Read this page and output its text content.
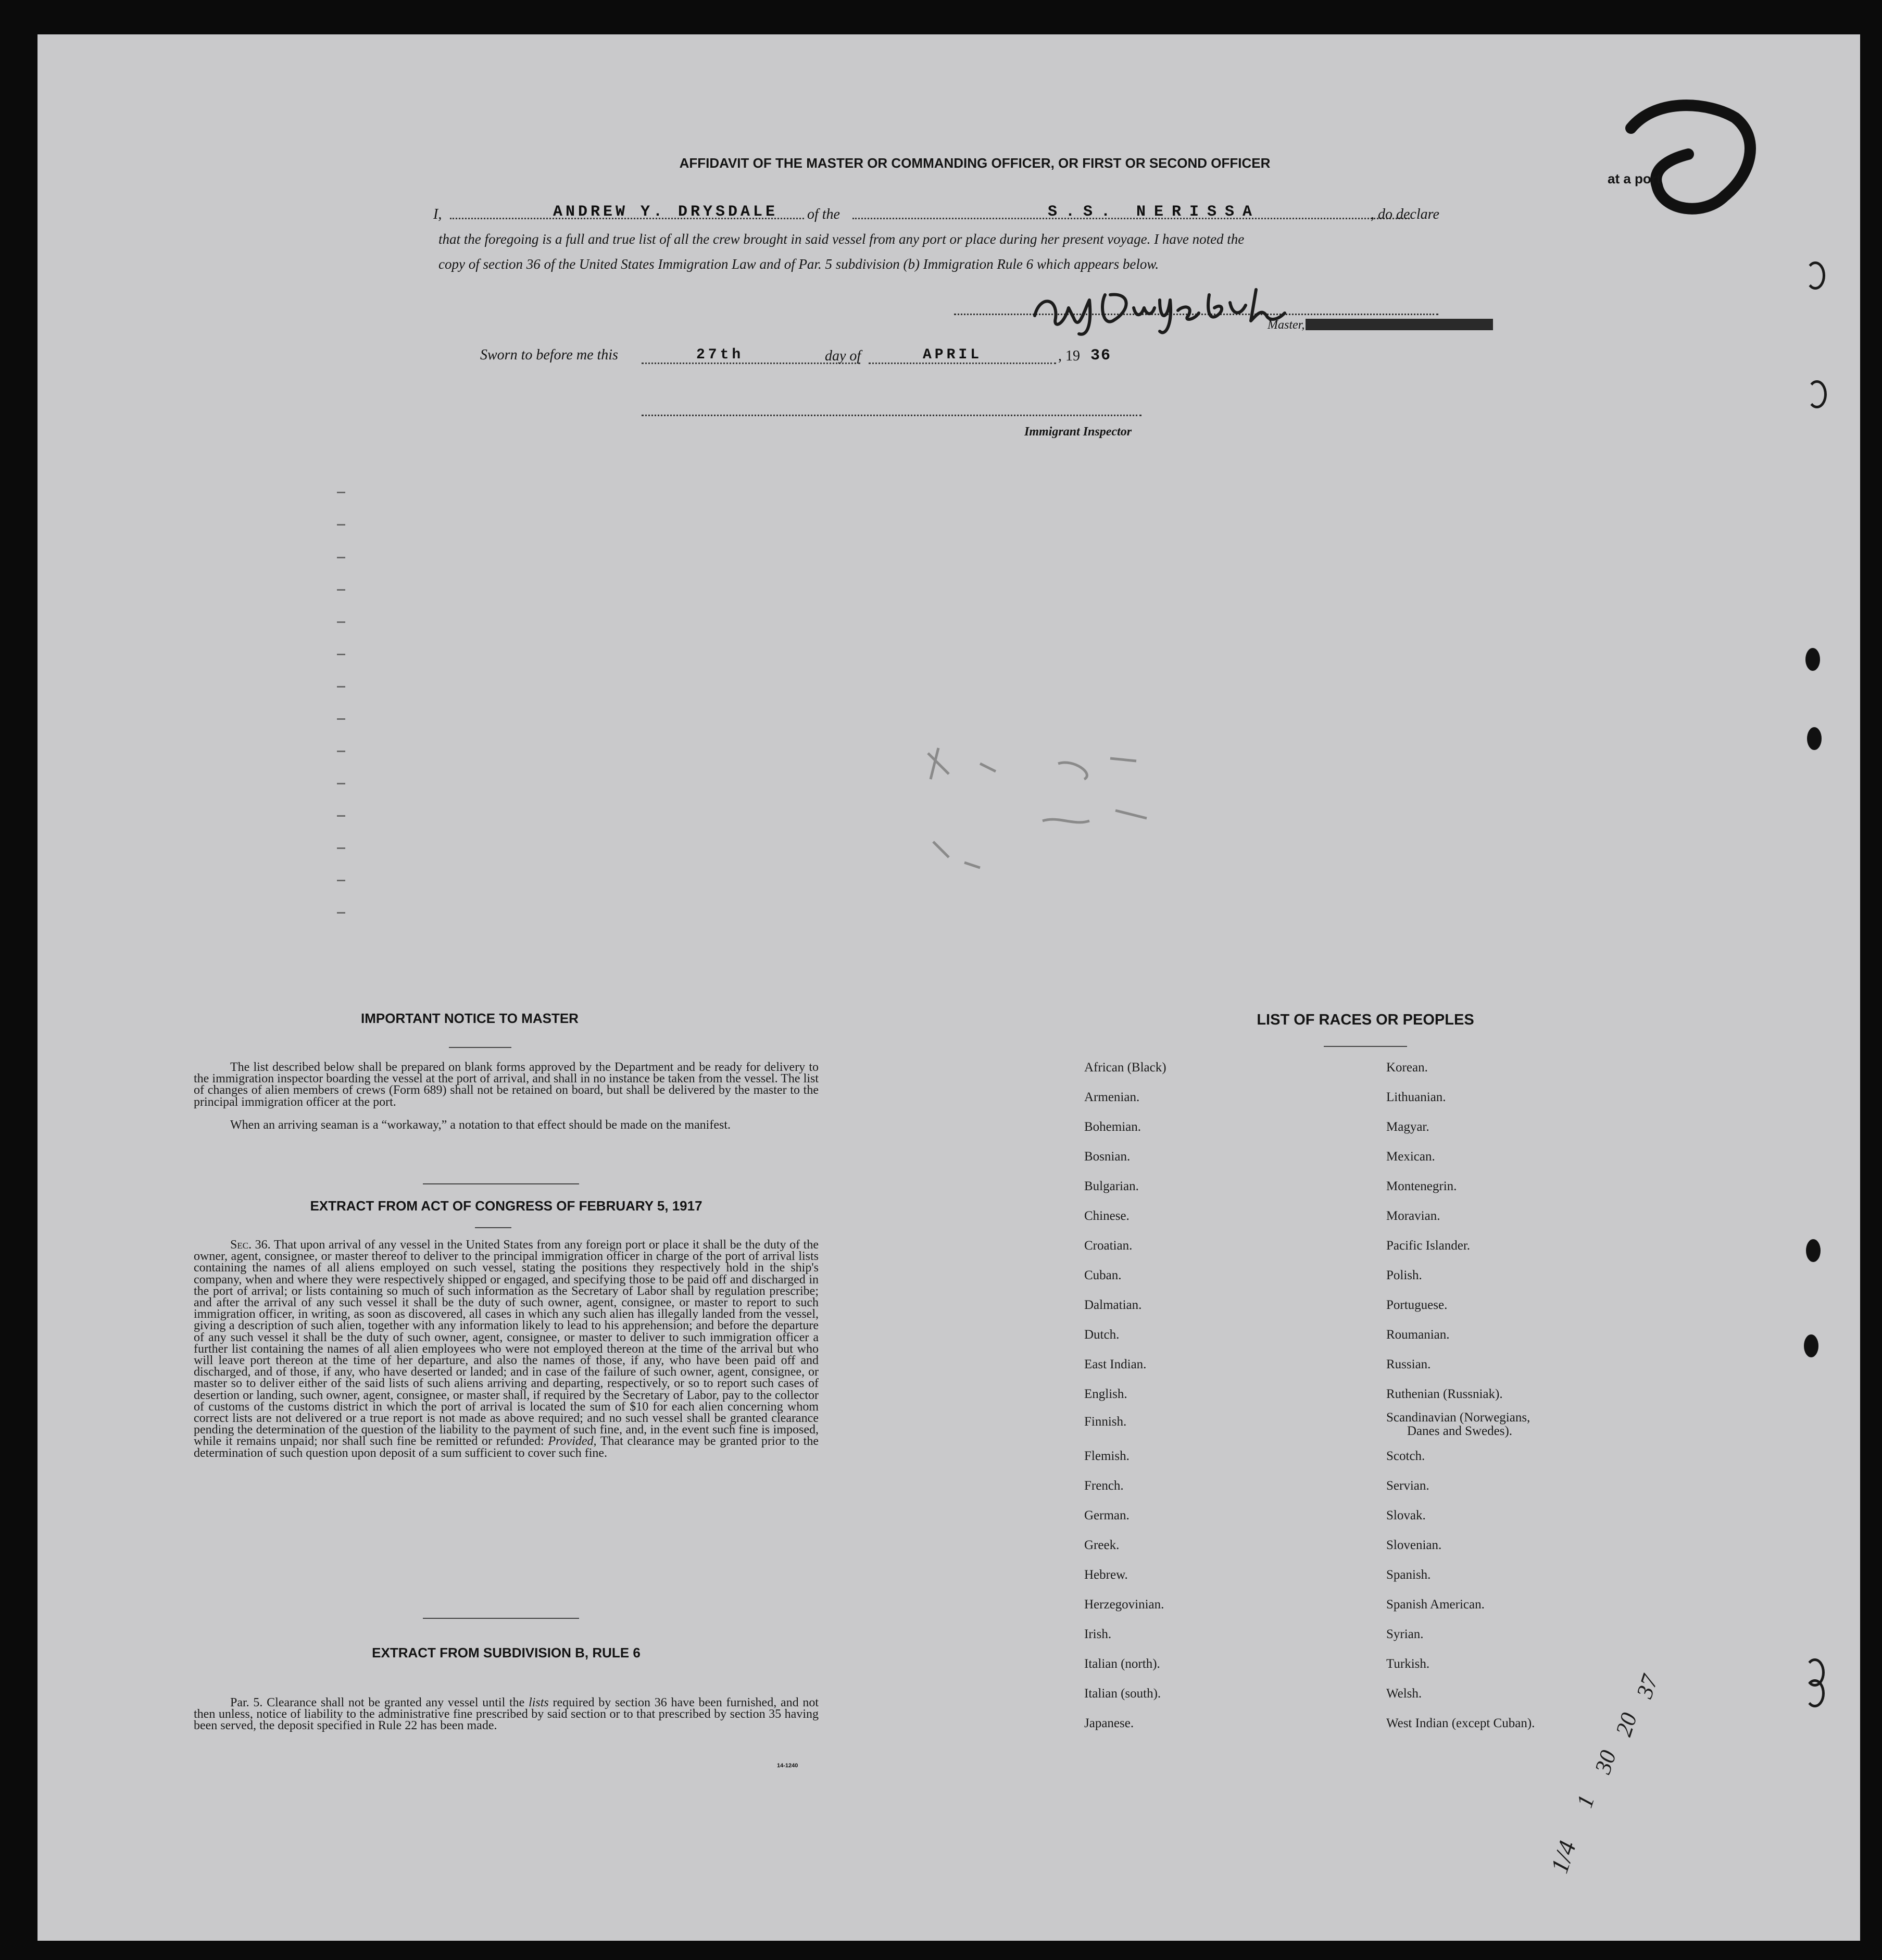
AFFIDAVIT OF THE MASTER OR COMMANDING OFFICER, OR FIRST OR SECOND OFFICER
at a port
I,	ANDREW Y. DRYSDALE of the	S.S. NERISSA	, do declare
that the foregoing is a full and true list of all the crew brought in said vessel from any port or place during her present voyage. I have noted the
copy of section 36 of the United States Immigration Law and of Par. 5 subdivision (b) Immigration Rule 6 which appears below.
Master,
Sworn to before me this	27th	day of	APRIL	, 19 36
Immigrant Inspector
IMPORTANT NOTICE TO MASTER
The list described below shall be prepared on blank forms approved by the Department and be ready for delivery to the immigration inspector boarding the vessel at the port of arrival, and shall in no instance be taken from the vessel. The list of changes of alien members of crews (Form 689) shall not be retained on board, but shall be delivered by the master to the principal immigration officer at the port.
When an arriving seaman is a “workaway,” a notation to that effect should be made on the manifest.
EXTRACT FROM ACT OF CONGRESS OF FEBRUARY 5, 1917
Sec. 36. That upon arrival of any vessel in the United States from any foreign port or place it shall be the duty of the owner, agent, consignee, or master thereof to deliver to the principal immigration officer in charge of the port of arrival lists containing the names of all aliens employed on such vessel, stating the positions they respectively hold in the ship's company, when and where they were respectively shipped or engaged, and specifying those to be paid off and discharged in the port of arrival; or lists containing so much of such information as the Secretary of Labor shall by regulation prescribe; and after the arrival of any such vessel it shall be the duty of such owner, agent, consignee, or master to report to such immigration officer, in writing, as soon as discovered, all cases in which any such alien has illegally landed from the vessel, giving a description of such alien, together with any information likely to lead to his apprehension; and before the departure of any such vessel it shall be the duty of such owner, agent, consignee, or master to deliver to such immigration officer a further list containing the names of all alien employees who were not employed thereon at the time of the arrival but who will leave port thereon at the time of her departure, and also the names of those, if any, who have been paid off and discharged, and of those, if any, who have deserted or landed; and in case of the failure of such owner, agent, consignee, or master so to deliver either of the said lists of such aliens arriving and departing, respectively, or so to report such cases of desertion or landing, such owner, agent, consignee, or master shall, if required by the Secretary of Labor, pay to the collector of customs of the customs district in which the port of arrival is located the sum of $10 for each alien concerning whom correct lists are not delivered or a true report is not made as above required; and no such vessel shall be granted clearance pending the determination of the question of the liability to the payment of such fine, and, in the event such fine is imposed, while it remains unpaid; nor shall such fine be remitted or refunded: Provided, That clearance may be granted prior to the determination of such question upon deposit of a sum sufficient to cover such fine.
EXTRACT FROM SUBDIVISION B, RULE 6
Par. 5. Clearance shall not be granted any vessel until the lists required by section 36 have been furnished, and not then unless, notice of liability to the administrative fine prescribed by said section or to that prescribed by section 35 having been served, the deposit specified in Rule 22 has been made.
14-1240
LIST OF RACES OR PEOPLES
African (Black)
Armenian.
Bohemian.
Bosnian.
Bulgarian.
Chinese.
Croatian.
Cuban.
Dalmatian.
Dutch.
East Indian.
English.
Finnish.
Flemish.
French.
German.
Greek.
Hebrew.
Herzegovinian.
Irish.
Italian (north).
Italian (south).
Japanese.
Korean.
Lithuanian.
Magyar.
Mexican.
Montenegrin.
Moravian.
Pacific Islander.
Polish.
Portuguese.
Roumanian.
Russian.
Ruthenian (Russniak).
Scandinavian (Norwegians,
Danes and Swedes).
Scotch.
Servian.
Slovak.
Slovenian.
Spanish.
Spanish American.
Syrian.
Turkish.
Welsh.
West Indian (except Cuban).
37
20
30
1
1/4
